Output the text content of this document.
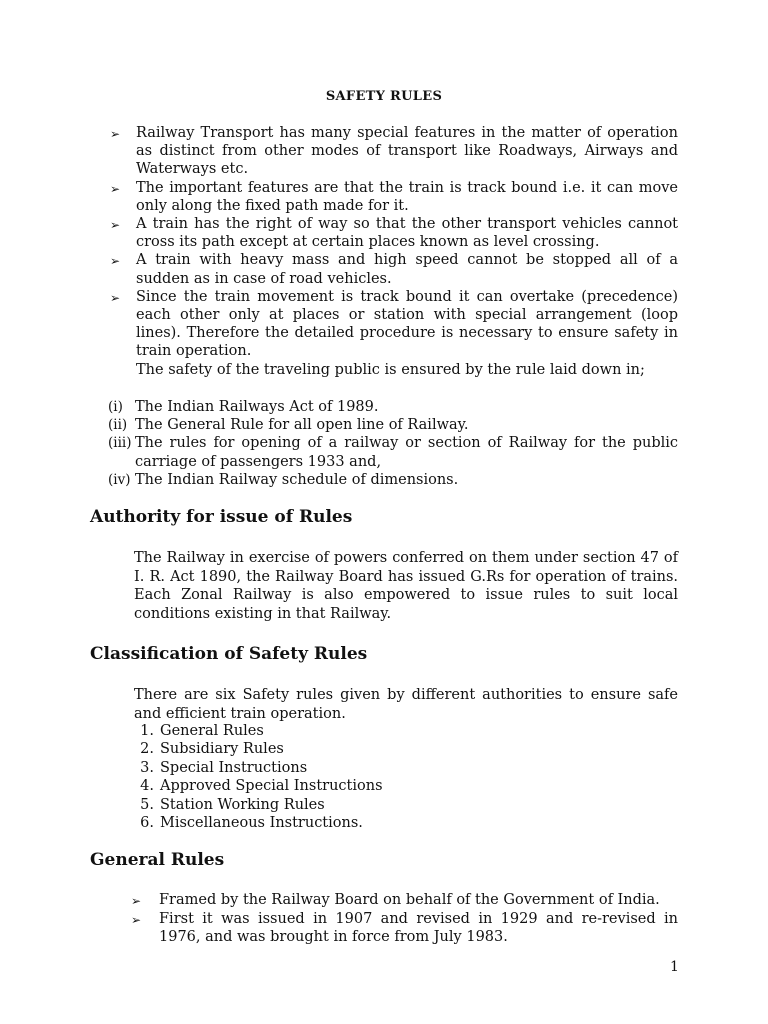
SAFETY RULES
➢	Railway Transport has many special features in the matter of operation as distinct from other modes of transport like Roadways, Airways and Waterways etc.
➢	The important features are that the train is track bound i.e. it can move only along the fixed path made for it.
➢	A train has the right of way so that the other transport vehicles cannot cross its path except at certain places known as level crossing.
➢	A train with heavy mass and high speed cannot be stopped all of a sudden as in case of road vehicles.
➢	Since the train movement is track bound it can overtake (precedence) each other only at places or station with special arrangement (loop lines). Therefore the detailed procedure is necessary to ensure safety in train operation.
The safety of the traveling public is ensured by the rule laid down in;
(i) The Indian Railways Act of 1989.
(ii) The General Rule for all open line of Railway.
(iii) The rules for opening of a railway or section of Railway for the public carriage of passengers 1933 and,
(iv) The Indian Railway schedule of dimensions.
Authority for issue of Rules

The Railway in exercise of powers conferred on them under section 47 of I. R. Act 1890, the Railway Board has issued G.Rs for operation of trains. Each Zonal Railway is also empowered to issue rules to suit local conditions existing in that Railway.

Classification of Safety Rules

There are six Safety rules given by different authorities to ensure safe and efficient train operation.

1. General Rules
2. Subsidiary Rules
3. Special Instructions
4. Approved Special Instructions
5. Station Working Rules
6. Miscellaneous Instructions.
General Rules
➢	Framed by the Railway Board on behalf of the Government of India.
➢	First it was issued in 1907 and revised in 1929 and re-revised in 1976, and was brought in force from July 1983.
1
